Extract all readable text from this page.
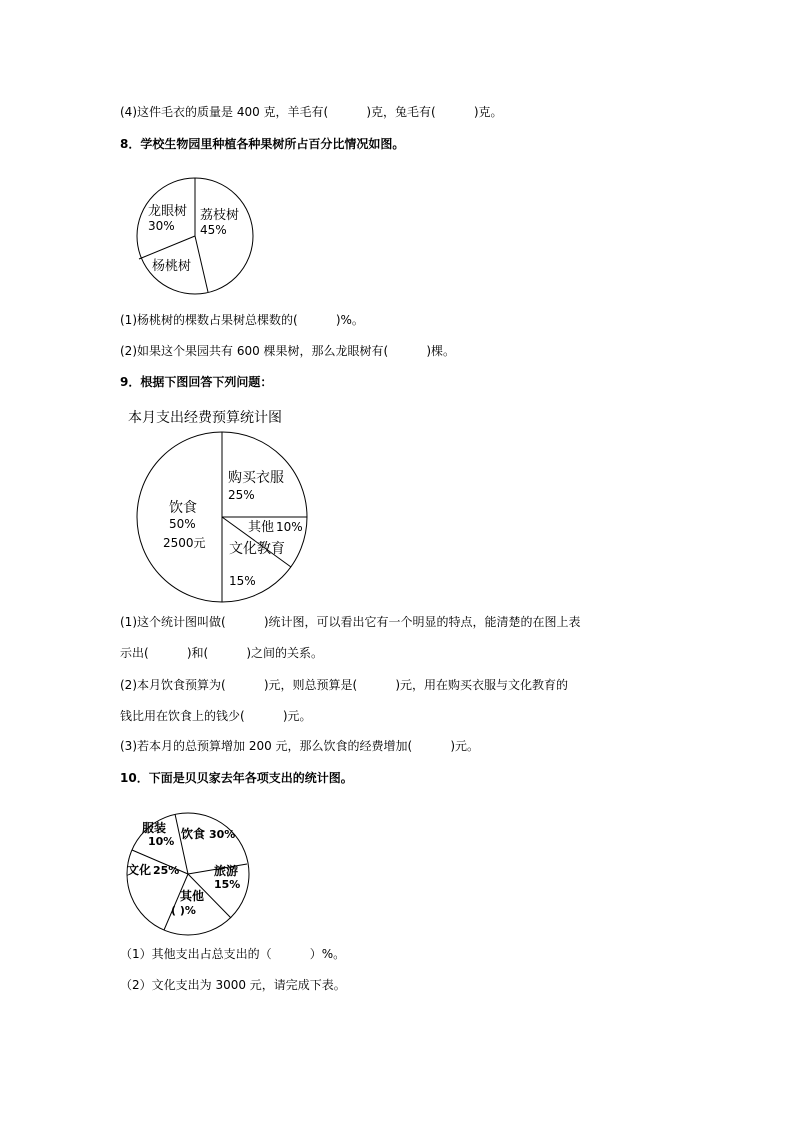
(4)这件毛衣的质量是 400 克，羊毛有(          )克，兔毛有(          )克。
8．学校生物园里种植各种果树所占百分比情况如图。
龙眼树
30%
荔枝树
45%
杨桃树
(1)杨桃树的棵数占果树总棵数的(          )%。
(2)如果这个果园共有 600 棵果树，那么龙眼树有(          )棵。
9．根据下图回答下列问题：
本月支出经费预算统计图
购买衣服
25%
其他 10%
文化教育
15%
饮食
50%
2500元
(1)这个统计图叫做(          )统计图，可以看出它有一个明显的特点，能清楚的在图上表
示出(          )和(          )之间的关系。
(2)本月饮食预算为(          )元，则总预算是(          )元，用在购买衣服与文化教育的
钱比用在饮食上的钱少(          )元。
(3)若本月的总预算增加 200 元，那么饮食的经费增加(          )元。
10．下面是贝贝家去年各项支出的统计图。
服装
10%
饮食 30%
旅游
15%
文化 25%
其他
( )%
（1）其他支出占总支出的（          ）%。
（2）文化支出为 3000 元，请完成下表。
